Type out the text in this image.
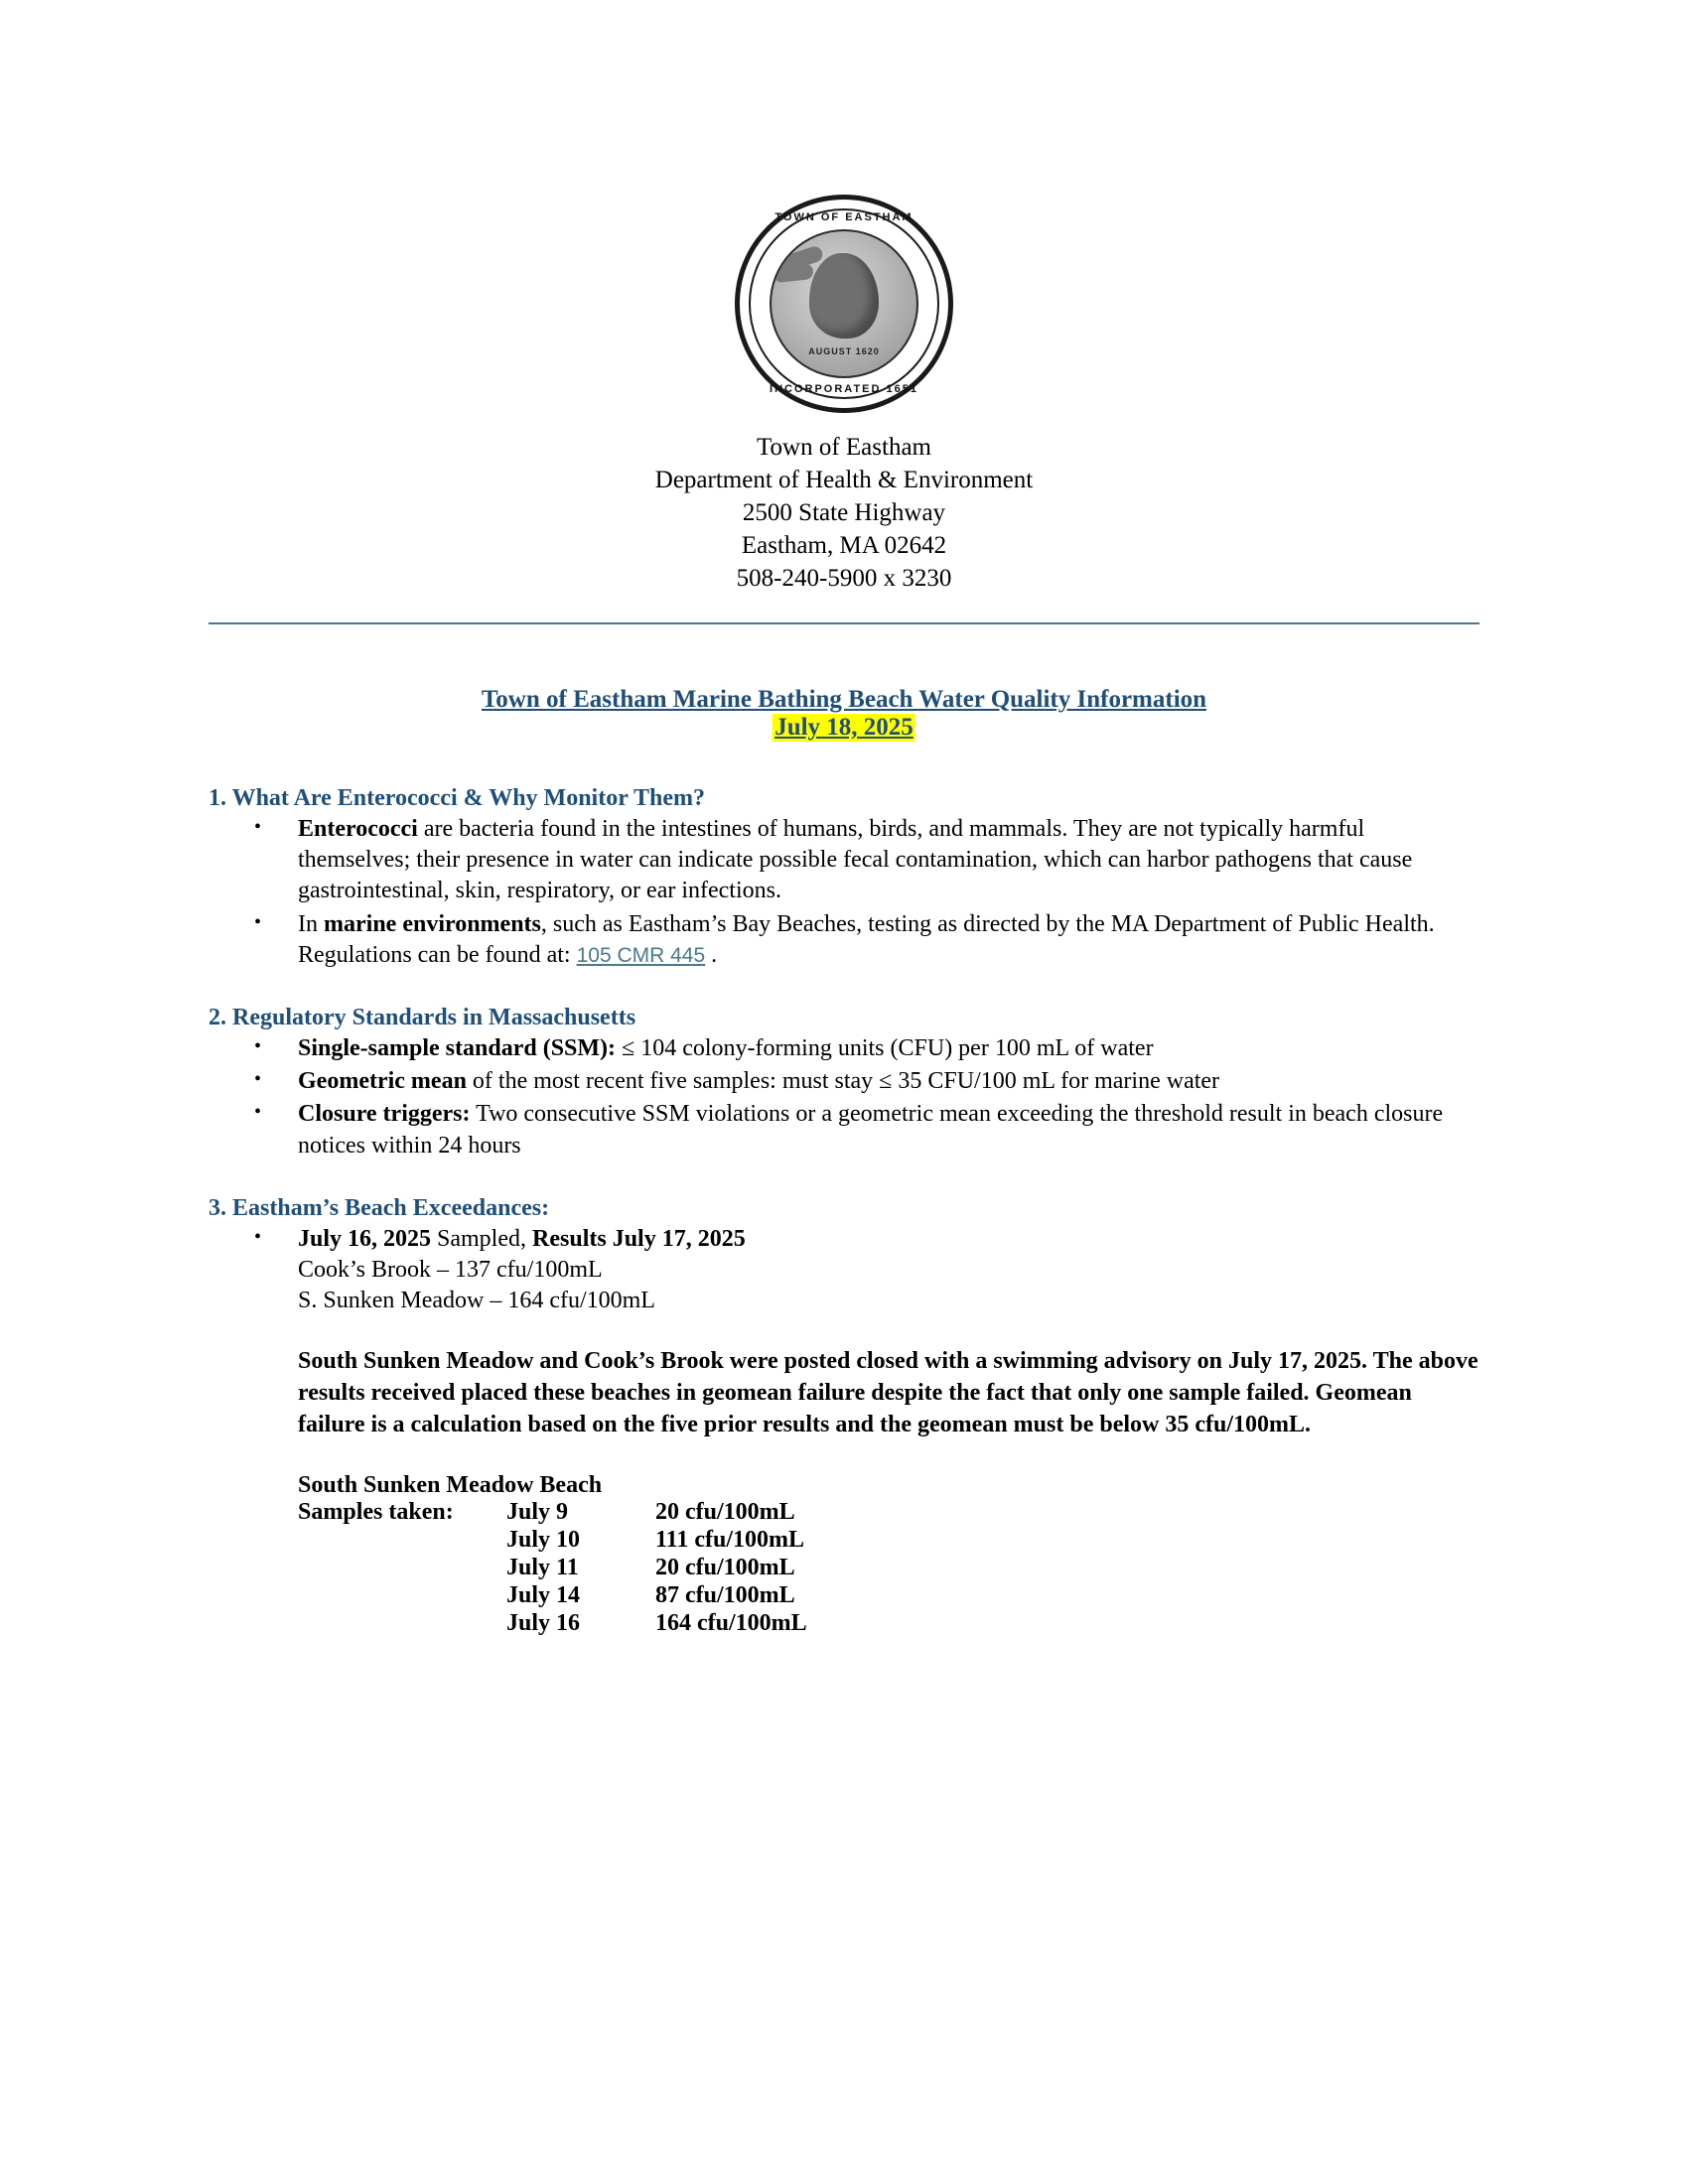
TOWN OF EASTHAM
AUGUST 1620
INCORPORATED 1651
Town of Eastham
Department of Health & Environment
2500 State Highway
Eastham, MA 02642
508-240-5900 x 3230
Town of Eastham Marine Bathing Beach Water Quality Information
July 18, 2025
1. What Are Enterococci & Why Monitor Them?
• Enterococci are bacteria found in the intestines of humans, birds, and mammals. They are not typically harmful themselves; their presence in water can indicate possible fecal contamination, which can harbor pathogens that cause gastrointestinal, skin, respiratory, or ear infections.
• In marine environments, such as Eastham’s Bay Beaches, testing as directed by the MA Department of Public Health. Regulations can be found at: 105 CMR 445 .
2. Regulatory Standards in Massachusetts
• Single-sample standard (SSM): ≤ 104 colony-forming units (CFU) per 100 mL of water
• Geometric mean of the most recent five samples: must stay ≤ 35 CFU/100 mL for marine water
• Closure triggers: Two consecutive SSM violations or a geometric mean exceeding the threshold result in beach closure notices within 24 hours
3. Eastham’s Beach Exceedances:
• July 16, 2025 Sampled, Results July 17, 2025
Cook’s Brook – 137 cfu/100mL
S. Sunken Meadow – 164 cfu/100mL
South Sunken Meadow and Cook’s Brook were posted closed with a swimming advisory on July 17, 2025. The above results received placed these beaches in geomean failure despite the fact that only one sample failed. Geomean failure is a calculation based on the five prior results and the geomean must be below 35 cfu/100mL.
South Sunken Meadow Beach
Samples taken:	July 9	20 cfu/100mL
	July 10	111 cfu/100mL
	July 11	20 cfu/100mL
	July 14	87 cfu/100mL
	July 16	164 cfu/100mL
